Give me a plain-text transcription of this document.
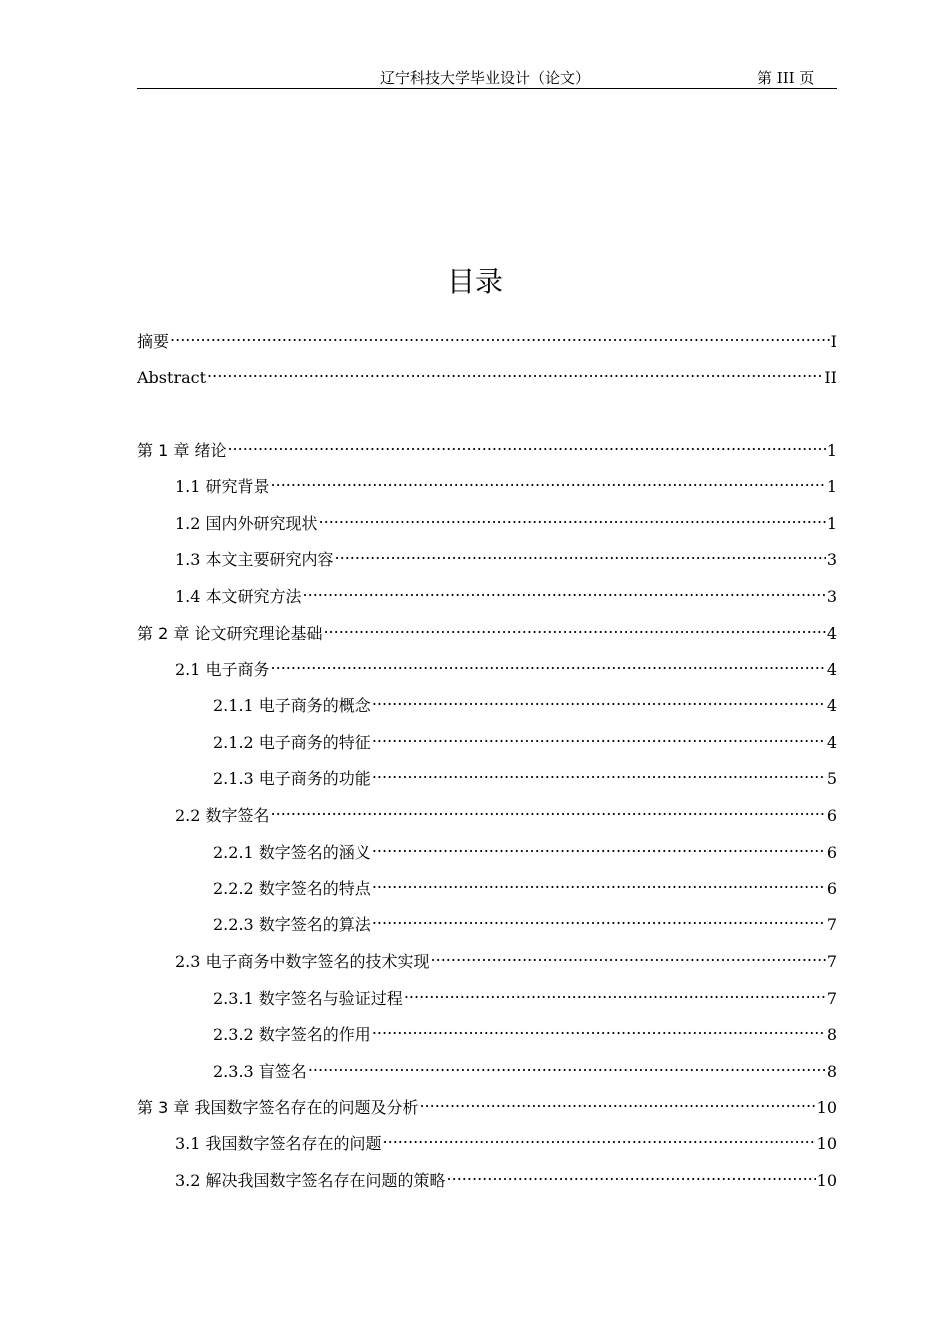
辽宁科技大学毕业设计（论文）	第 III 页
目录
摘要 .....	I
Abstract .....	II
第 1 章 绪论 .....	1
1.1 研究背景 .....	1
1.2 国内外研究现状 .....	1
1.3 本文主要研究内容 .....	3
1.4 本文研究方法 .....	3
第 2 章 论文研究理论基础 .....	4
2.1 电子商务 .....	4
2.1.1 电子商务的概念 .....	4
2.1.2 电子商务的特征 .....	4
2.1.3 电子商务的功能 .....	5
2.2 数字签名 .....	6
2.2.1 数字签名的涵义 .....	6
2.2.2 数字签名的特点 .....	6
2.2.3 数字签名的算法 .....	7
2.3 电子商务中数字签名的技术实现 .....	7
2.3.1 数字签名与验证过程 .....	7
2.3.2 数字签名的作用 .....	8
2.3.3 盲签名 .....	8
第 3 章 我国数字签名存在的问题及分析 .....	10
3.1 我国数字签名存在的问题 .....	10
3.2 解决我国数字签名存在问题的策略 .....	10
